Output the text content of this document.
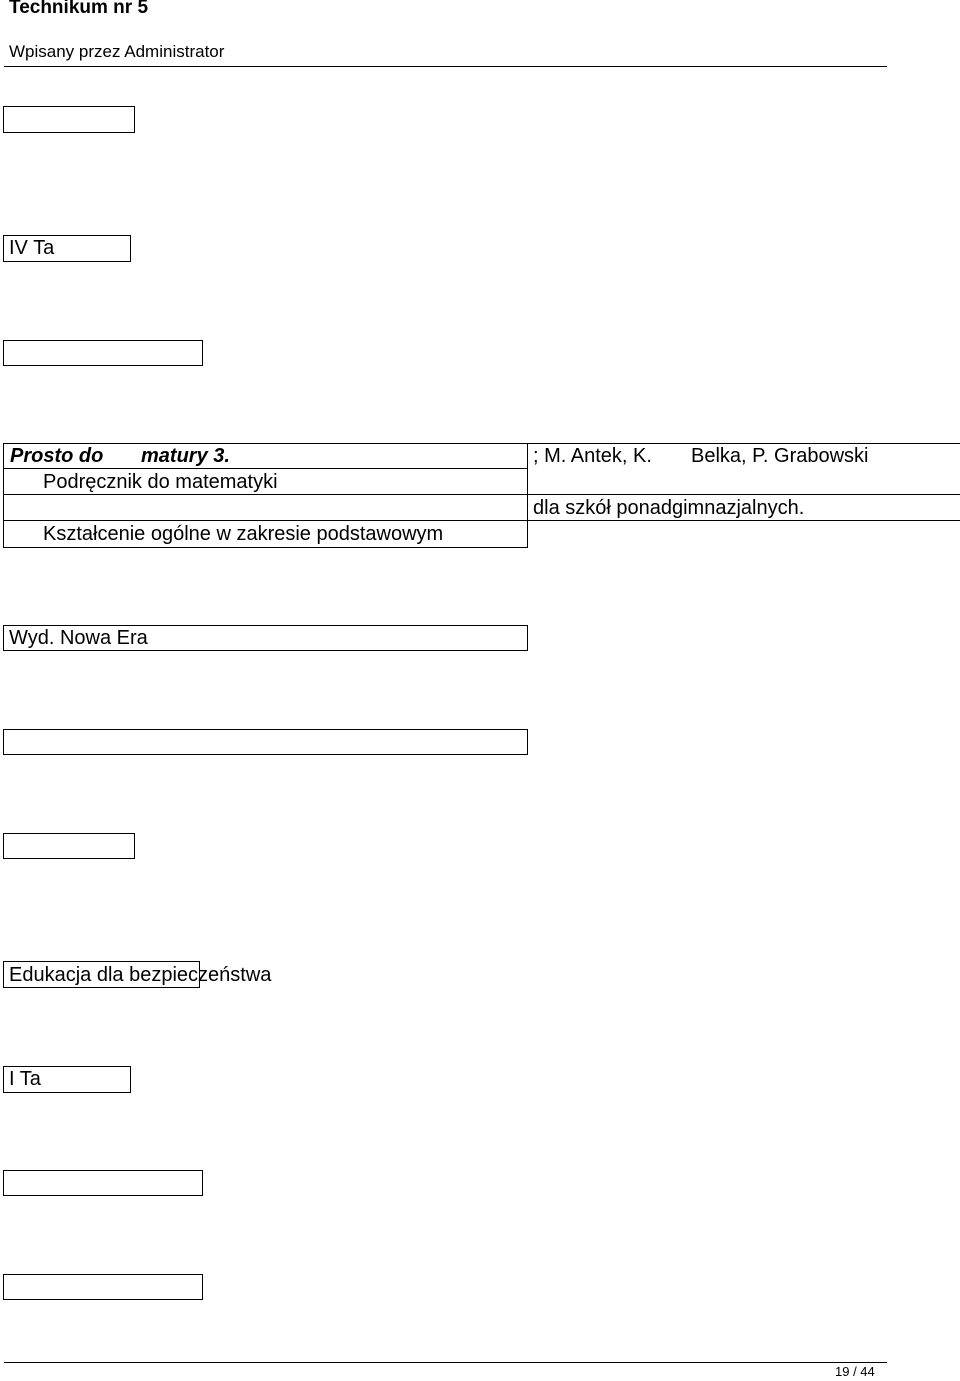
Technikum nr 5
Wpisany przez Administrator
IV Ta
Prosto do matury 3.	; M. Antek, K. Belka, P. Grabowski
Podręcznik do matematyki
dla szkół ponadgimnazjalnych.
Kształcenie ogólne w zakresie podstawowym
Wyd. Nowa Era
Edukacja dla bezpieczeństwa
I Ta
19 / 44
